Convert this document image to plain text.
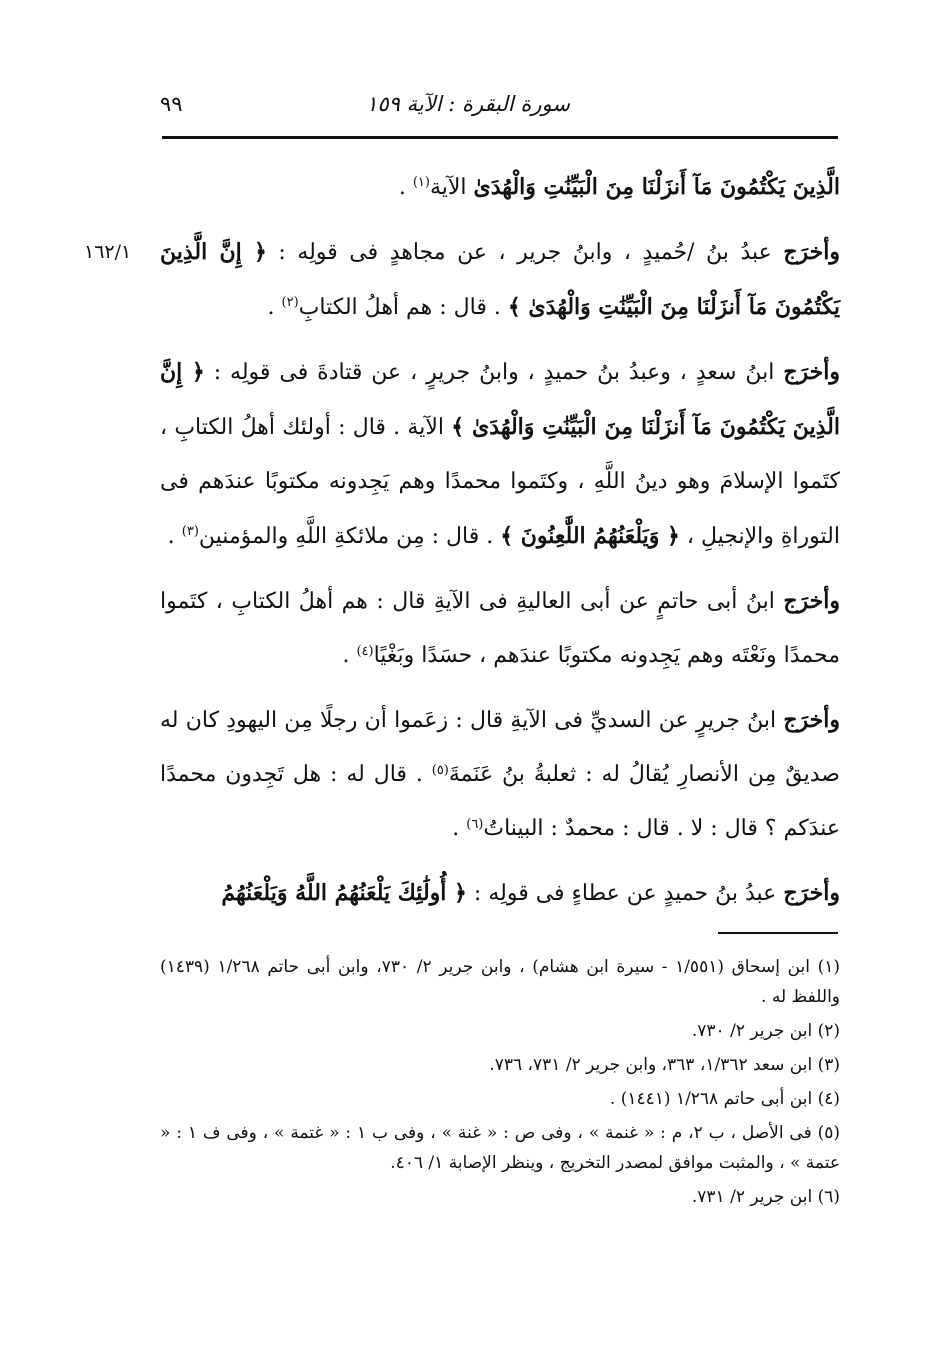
سورة البقرة : الآية ١٥٩
٩٩
١٦٢/١

الَّذِينَ يَكْتُمُونَ مَآ أَنزَلْنَا مِنَ الْبَيِّنَٰتِ وَالْهُدَىٰ الآية$^{(١)}$ .

وأخرَج عبدُ بنُ /حُميدٍ ، وابنُ جرير ، عن مجاهدٍ فى قولِه : ﴿ إِنَّ الَّذِينَ يَكْتُمُونَ مَآ أَنزَلْنَا مِنَ الْبَيِّنَٰتِ وَالْهُدَىٰ ﴾ . قال : هم أهلُ الكتابِ$^{(٢)}$ .

وأخرَج ابنُ سعدٍ ، وعبدُ بنُ حميدٍ ، وابنُ جريرٍ ، عن قتادةَ فى قولِه : ﴿ إِنَّ الَّذِينَ يَكْتُمُونَ مَآ أَنزَلْنَا مِنَ الْبَيِّنَٰتِ وَالْهُدَىٰ ﴾ الآية . قال : أولئك أهلُ الكتابِ ، كتَموا الإسلامَ وهو دينُ اللَّهِ ، وكتَموا محمدًا وهم يَجِدونه مكتوبًا عندَهم فى التوراةِ والإنجيلِ ، ﴿ وَيَلْعَنُهُمُ اللَّٰعِنُونَ ﴾ . قال : مِن ملائكةِ اللَّهِ والمؤمنين$^{(٣)}$ .

وأخرَج ابنُ أبى حاتمٍ عن أبى العاليةِ فى الآيةِ قال : هم أهلُ الكتابِ ، كتَموا محمدًا ونَعْتَه وهم يَجِدونه مكتوبًا عندَهم ، حسَدًا وبَغْيًا$^{(٤)}$ .

وأخرَج ابنُ جريرٍ عن السديِّ فى الآيةِ قال : زعَموا أن رجلًا مِن اليهودِ كان له صديقٌ مِن الأنصارِ يُقالُ له : ثعلبةُ بنُ عَنَمةَ$^{(٥)}$ . قال له : هل تَجِدون محمدًا عندَكم ؟ قال : لا . قال : محمدٌ : البيناتُ$^{(٦)}$ .

وأخرَج عبدُ بنُ حميدٍ عن عطاءٍ فى قولِه : ﴿ أُولَٰئِكَ يَلْعَنُهُمُ اللَّهُ وَيَلْعَنُهُمُ

(١) ابن إسحاق (١/٥٥١ - سيرة ابن هشام) ، وابن جرير ٢/ ٧٣٠، وابن أبى حاتم ١/٢٦٨ (١٤٣٩) واللفظ له .

(٢) ابن جرير ٢/ ٧٣٠.

(٣) ابن سعد ١/٣٦٢، ٣٦٣، وابن جرير ٢/ ٧٣١، ٧٣٦.

(٤) ابن أبى حاتم ١/٢٦٨ (١٤٤١) .

(٥) فى الأصل ، ب ٢، م : « غنمة » ، وفى ص : « غنة » ، وفى ب ١ : « غتمة » ، وفى ف ١ : « عتمة » ، والمثبت موافق لمصدر التخريج ، وينظر الإصابة ١/ ٤٠٦.

(٦) ابن جرير ٢/ ٧٣١.
